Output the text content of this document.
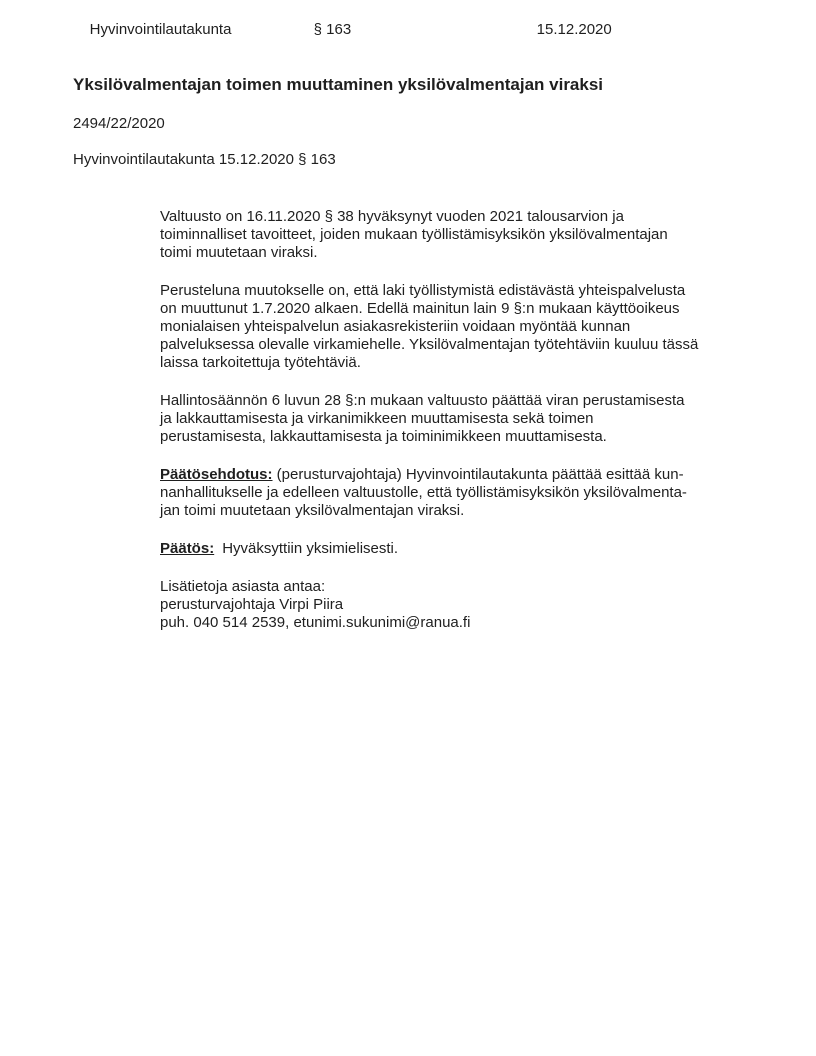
Hyvinvointilautakunta	§ 163	15.12.2020

Yksilövalmentajan toimen muuttaminen yksilövalmentajan viraksi
2494/22/2020
Hyvinvointilautakunta 15.12.2020 § 163
Valtuusto on 16.11.2020 § 38 hyväksynyt vuoden 2021 talousarvion ja
toiminnalliset tavoitteet, joiden mukaan työllistämisyksikön yksilövalmentajan
toimi muutetaan viraksi.
Perusteluna muutokselle on, että laki työllistymistä edistävästä yhteispalvelusta
on muuttunut 1.7.2020 alkaen. Edellä mainitun lain 9 §:n mukaan käyttöoikeus
monialaisen yhteispalvelun asiakasrekisteriin voidaan myöntää kunnan
palveluksessa olevalle virkamiehelle. Yksilövalmentajan työtehtäviin kuuluu tässä
laissa tarkoitettuja työtehtäviä.
Hallintosäännön 6 luvun 28 §:n mukaan valtuusto päättää viran perustamisesta
ja lakkauttamisesta ja virkanimikkeen muuttamisesta sekä toimen
perustamisesta, lakkauttamisesta ja toiminimikkeen muuttamisesta.
Päätösehdotus: (perusturvajohtaja) Hyvinvointilautakunta päättää esittää kun-
nanhallitukselle ja edelleen valtuustolle, että työllistämisyksikön yksilövalmenta-
jan toimi muutetaan yksilövalmentajan viraksi.
Päätös: Hyväksyttiin yksimielisesti.
Lisätietoja asiasta antaa:
perusturvajohtaja Virpi Piira
puh. 040 514 2539, etunimi.sukunimi@ranua.fi
